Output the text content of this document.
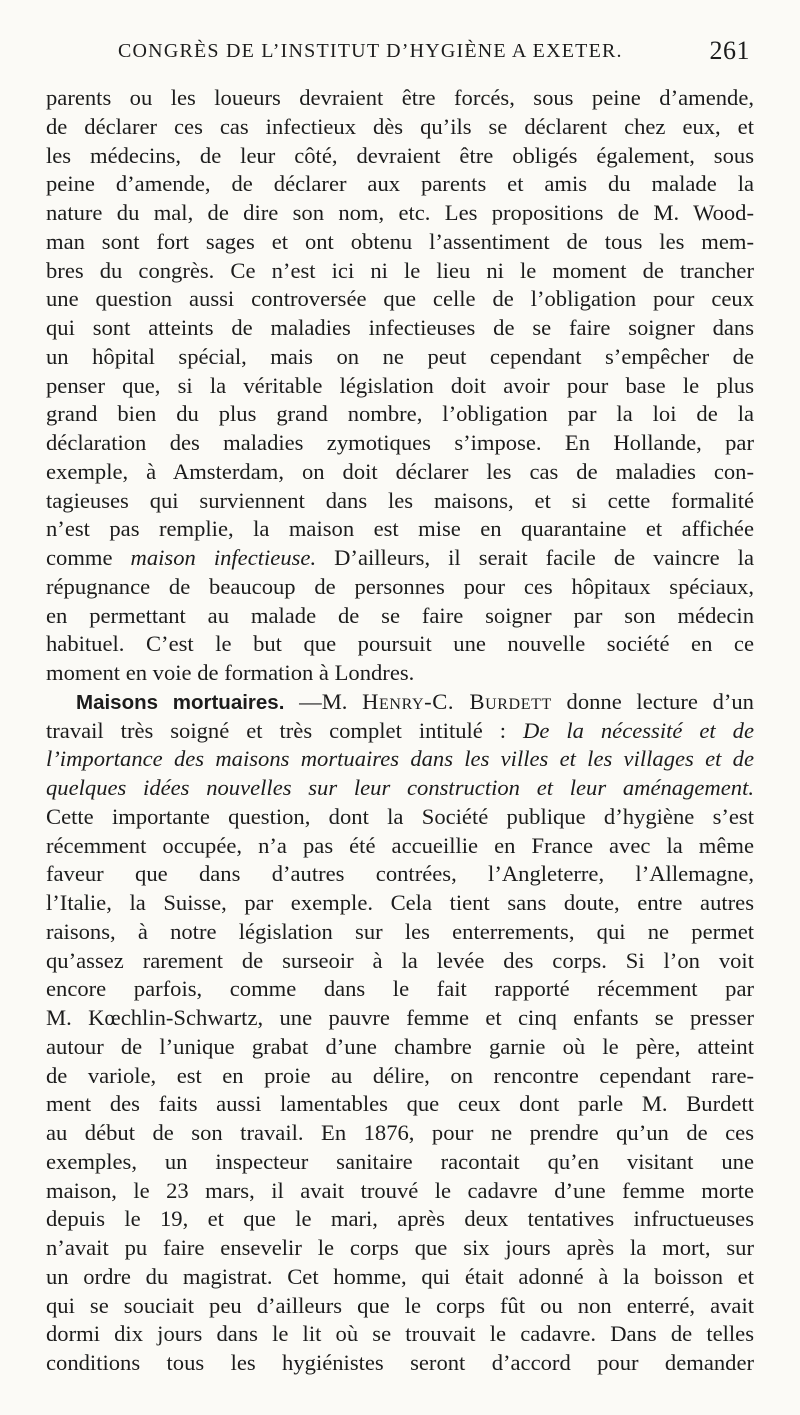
CONGRÈS DE L’INSTITUT D’HYGIÈNE A EXETER.	261
parents ou les loueurs devraient être forcés, sous peine d’amende,
de déclarer ces cas infectieux dès qu’ils se déclarent chez eux, et
les médecins, de leur côté, devraient être obligés également, sous
peine d’amende, de déclarer aux parents et amis du malade la
nature du mal, de dire son nom, etc. Les propositions de M. Wood-
man sont fort sages et ont obtenu l’assentiment de tous les mem-
bres du congrès. Ce n’est ici ni le lieu ni le moment de trancher
une question aussi controversée que celle de l’obligation pour ceux
qui sont atteints de maladies infectieuses de se faire soigner dans
un hôpital spécial, mais on ne peut cependant s’empêcher de
penser que, si la véritable législation doit avoir pour base le plus
grand bien du plus grand nombre, l’obligation par la loi de la
déclaration des maladies zymotiques s’impose. En Hollande, par
exemple, à Amsterdam, on doit déclarer les cas de maladies con-
tagieuses qui surviennent dans les maisons, et si cette formalité
n’est pas remplie, la maison est mise en quarantaine et affichée
comme maison infectieuse. D’ailleurs, il serait facile de vaincre la
répugnance de beaucoup de personnes pour ces hôpitaux spéciaux,
en permettant au malade de se faire soigner par son médecin
habituel. C’est le but que poursuit une nouvelle société en ce
moment en voie de formation à Londres.
Maisons mortuaires. —M. Henry-C. Burdett donne lecture d’un
travail très soigné et très complet intitulé : De la nécessité et de
l’importance des maisons mortuaires dans les villes et les villages et de
quelques idées nouvelles sur leur construction et leur aménagement.
Cette importante question, dont la Société publique d’hygiène s’est
récemment occupée, n’a pas été accueillie en France avec la même
faveur que dans d’autres contrées, l’Angleterre, l’Allemagne,
l’Italie, la Suisse, par exemple. Cela tient sans doute, entre autres
raisons, à notre législation sur les enterrements, qui ne permet
qu’assez rarement de surseoir à la levée des corps. Si l’on voit
encore parfois, comme dans le fait rapporté récemment par
M. Kœchlin-Schwartz, une pauvre femme et cinq enfants se presser
autour de l’unique grabat d’une chambre garnie où le père, atteint
de variole, est en proie au délire, on rencontre cependant rare-
ment des faits aussi lamentables que ceux dont parle M. Burdett
au début de son travail. En 1876, pour ne prendre qu’un de ces
exemples, un inspecteur sanitaire racontait qu’en visitant une
maison, le 23 mars, il avait trouvé le cadavre d’une femme morte
depuis le 19, et que le mari, après deux tentatives infructueuses
n’avait pu faire ensevelir le corps que six jours après la mort, sur
un ordre du magistrat. Cet homme, qui était adonné à la boisson et
qui se souciait peu d’ailleurs que le corps fût ou non enterré, avait
dormi dix jours dans le lit où se trouvait le cadavre. Dans de telles
conditions tous les hygiénistes seront d’accord pour demander
